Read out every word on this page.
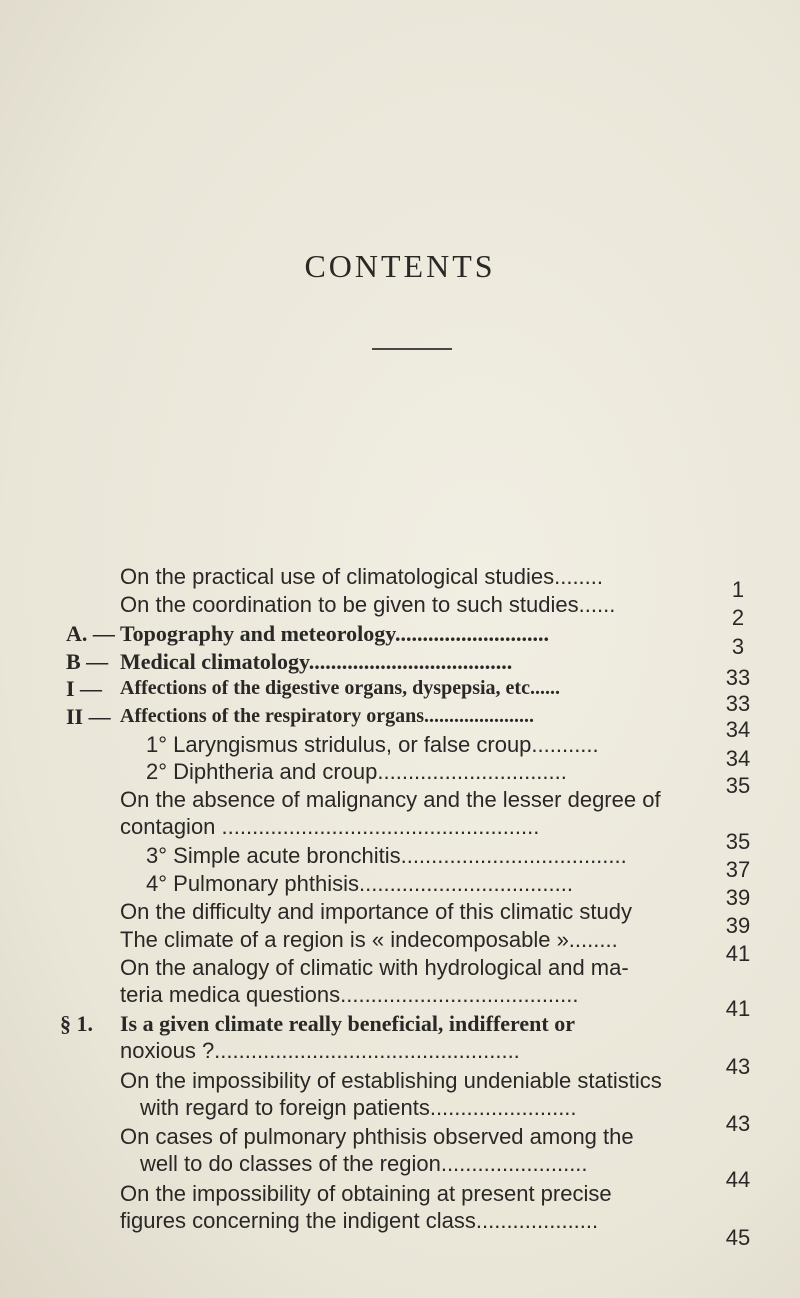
CONTENTS
On the practical use of climatological studies........
1
On the coordination to be given to such studies......
2
A. — Topography and meteorology............................
3
B — Medical climatology.....................................
33
I — Affections of the digestive organs, dyspepsia, etc......
33
II — Affections of the respiratory organs......................
34
1° Laryngismus stridulus, or false croup...........
34
2° Diphtheria and croup...............................
35
On the absence of malignancy and the lesser degree of
contagion ....................................................
35
3° Simple acute bronchitis.....................................
37
4° Pulmonary phthisis...................................
39
On the difficulty and importance of this climatic study
39
The climate of a region is « indecomposable »........
41
On the analogy of climatic with hydrological and ma-
teria medica questions.......................................
41
§ 1.	Is a given climate really beneficial, indifferent or
noxious ?..................................................
43
On the impossibility of establishing undeniable statistics
with regard to foreign patients........................
43
On cases of pulmonary phthisis observed among the
well to do classes of the region........................
44
On the impossibility of obtaining at present precise
figures concerning the indigent class....................
45
